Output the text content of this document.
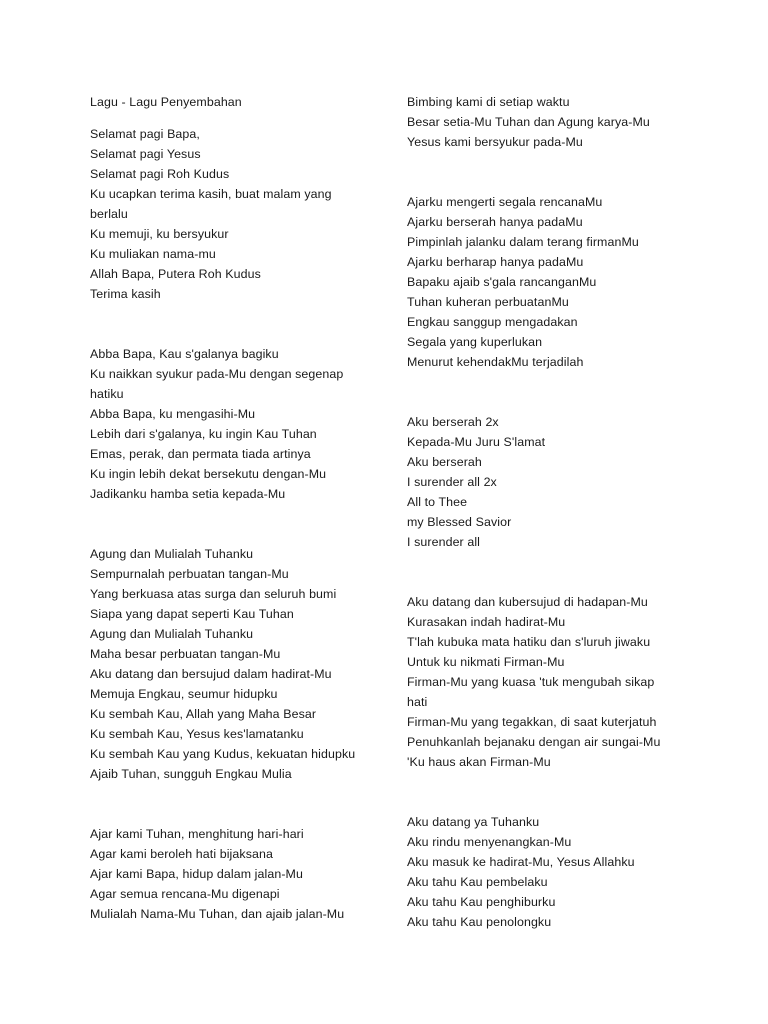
Lagu - Lagu Penyembahan
Selamat pagi Bapa,
Selamat pagi Yesus
Selamat pagi Roh Kudus
Ku ucapkan terima kasih, buat malam yang
berlalu
Ku memuji, ku bersyukur
Ku muliakan nama-mu
Allah Bapa, Putera Roh Kudus
Terima kasih
Abba Bapa, Kau s'galanya bagiku
Ku naikkan syukur pada-Mu dengan segenap
hatiku
Abba Bapa, ku mengasihi-Mu
Lebih dari s'galanya, ku ingin Kau Tuhan
Emas, perak, dan permata tiada artinya
Ku ingin lebih dekat bersekutu dengan-Mu
Jadikanku hamba setia kepada-Mu
Agung dan Mulialah Tuhanku
Sempurnalah perbuatan tangan-Mu
Yang berkuasa atas surga dan seluruh bumi
Siapa yang dapat seperti Kau Tuhan
Agung dan Mulialah Tuhanku
Maha besar perbuatan tangan-Mu
Aku datang dan bersujud dalam hadirat-Mu
Memuja Engkau, seumur hidupku
Ku sembah Kau, Allah yang Maha Besar
Ku sembah Kau, Yesus kes'lamatanku
Ku sembah Kau yang Kudus, kekuatan hidupku
Ajaib Tuhan, sungguh Engkau Mulia
Ajar kami Tuhan, menghitung hari-hari
Agar kami beroleh hati bijaksana
Ajar kami Bapa, hidup dalam jalan-Mu
Agar semua rencana-Mu digenapi
Mulialah Nama-Mu Tuhan, dan ajaib jalan-Mu
Bimbing kami di setiap waktu
Besar setia-Mu Tuhan dan Agung karya-Mu
Yesus kami bersyukur pada-Mu
Ajarku mengerti segala rencanaMu
Ajarku berserah hanya padaMu
Pimpinlah jalanku dalam terang firmanMu
Ajarku berharap hanya padaMu
Bapaku ajaib s'gala rancanganMu
Tuhan kuheran perbuatanMu
Engkau sanggup mengadakan
Segala yang kuperlukan
Menurut kehendakMu terjadilah
Aku berserah 2x
Kepada-Mu Juru S'lamat
Aku berserah
I surender all 2x
All to Thee
my Blessed Savior
I surender all
Aku datang dan kubersujud di hadapan-Mu
Kurasakan indah hadirat-Mu
T'lah kubuka mata hatiku dan s'luruh jiwaku
Untuk ku nikmati Firman-Mu
Firman-Mu yang kuasa 'tuk mengubah sikap
hati
Firman-Mu yang tegakkan, di saat kuterjatuh
Penuhkanlah bejanaku dengan air sungai-Mu
'Ku haus akan Firman-Mu
Aku datang ya Tuhanku
Aku rindu menyenangkan-Mu
Aku masuk ke hadirat-Mu, Yesus Allahku
Aku tahu Kau pembelaku
Aku tahu Kau penghiburku
Aku tahu Kau penolongku
